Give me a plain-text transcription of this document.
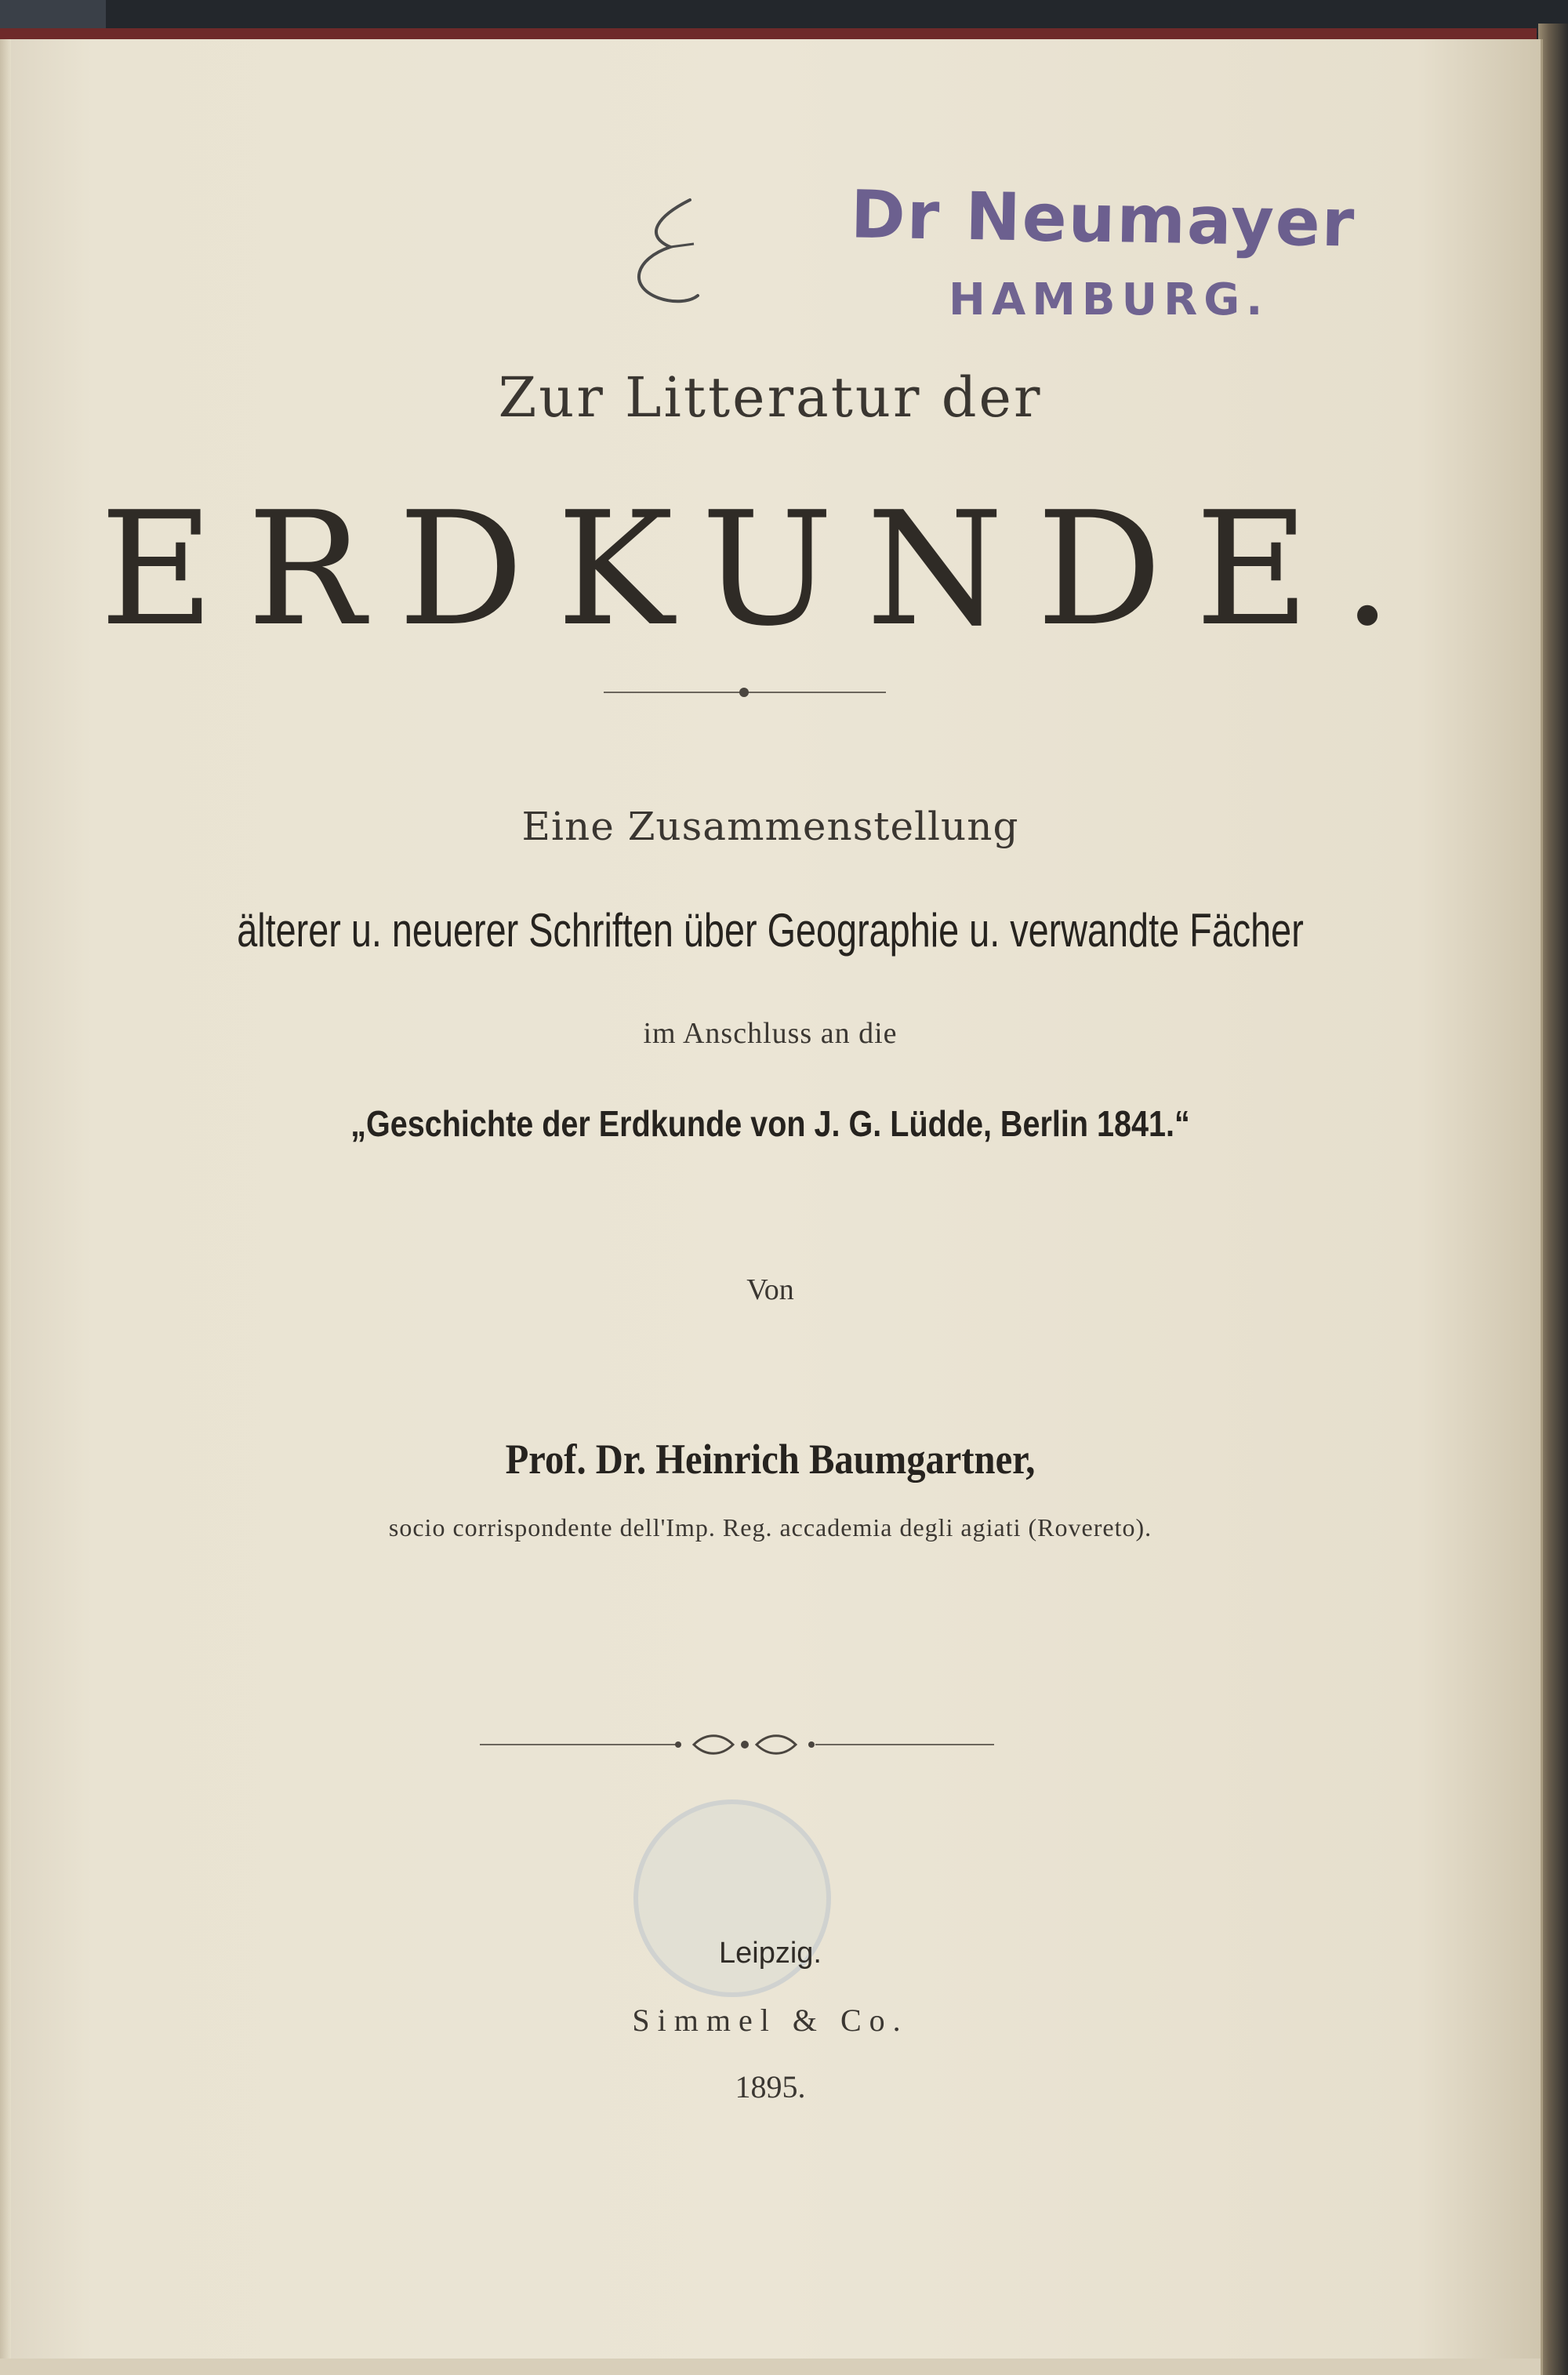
Dr Neumayer
HAMBURG.
Zur Litteratur der
ERDKUNDE.
Eine Zusammenstellung
älterer u. neuerer Schriften über Geographie u. verwandte Fächer
im Anschluss an die
„Geschichte der Erdkunde von J. G. Lüdde, Berlin 1841.“
Von
Prof. Dr. Heinrich Baumgartner,
socio corrispondente dell'Imp. Reg. accademia degli agiati (Rovereto).
Leipzig.
Simmel & Co.
1895.
